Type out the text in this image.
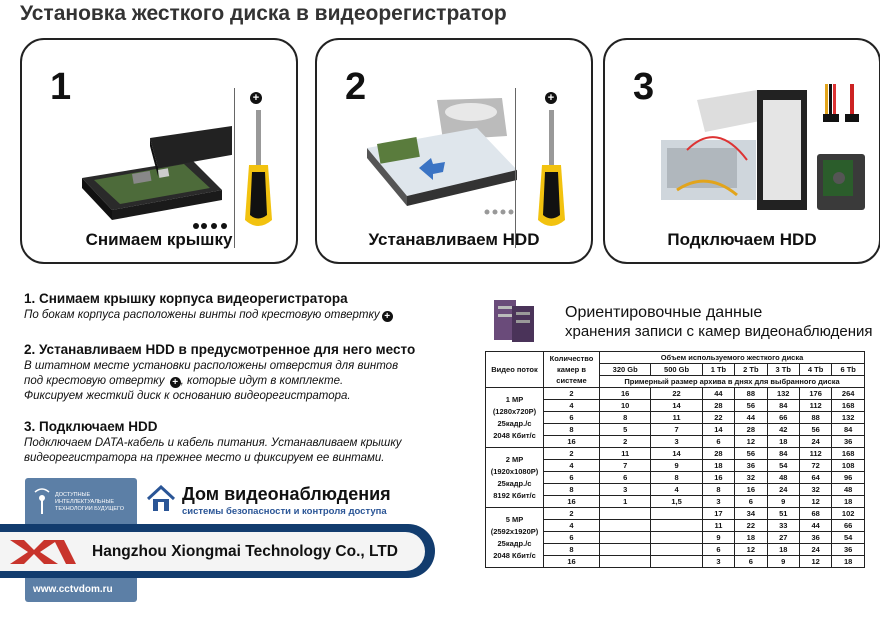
Установка жесткого диска в видеорегистратор
1	+
Снимаем крышку
2	+
Устанавливаем HDD
3
Подключаем HDD
1. Снимаем крышку корпуса видеорегистратора
По бокам корпуса расположены винты под крестовую отвертку +
2. Устанавливаем HDD в предусмотренное для него место
В штатном месте установки расположены отверстия для винтов
под крестовую отвертку + , которые идут в комплекте.
Фиксируем жесткий диск к основанию видеорегистратора.
3. Подключаем HDD
Подключаем DATA-кабель и кабель питания. Устанавливаем крышку
видеорегистратора на прежнее место и фиксируем ее винтами.
Ориентировочные данные
хранения записи с камер видеонаблюдения
Видео поток	Количество камер в системе	Объем используемого жесткого диска						
		320 Gb	500 Gb	1 Tb	2 Tb	3 Tb	4 Tb	6 Tb
		Примерный размер архива в днях для выбранного диска						

1 MP
(1280x720P)
25кадр./с
2048 Кбит/с	2	16	22	44	88	132	176	264
	4	10	14	28	56	84	112	168
	6	8	11	22	44	66	88	132
	8	5	7	14	28	42	56	84
	16	2	3	6	12	18	24	36

2 MP
(1920x1080P)
25кадр./с
8192 Кбит/с	2	11	14	28	56	84	112	168
	4	7	9	18	36	54	72	108
	6	6	8	16	32	48	64	96
	8	3	4	8	16	24	32	48
	16	1	1,5	3	6	9	12	18

5 MP
(2592x1920P)
25кадр./с
2048 Кбит/с	2			17	34	51	68	102
	4			11	22	33	44	66
	6			9	18	27	36	54
	8			6	12	18	24	36
	16			3	6	9	12	18
ДОСТУПНЫЕ
ИНТЕЛЛЕКТУАЛЬНЫЕ
ТЕХНОЛОГИИ БУДУЩЕГО
www.cctvdom.ru
Дом видеонаблюдения
системы безопасности и контроля доступа
Hangzhou Xiongmai Technology Co., LTD
